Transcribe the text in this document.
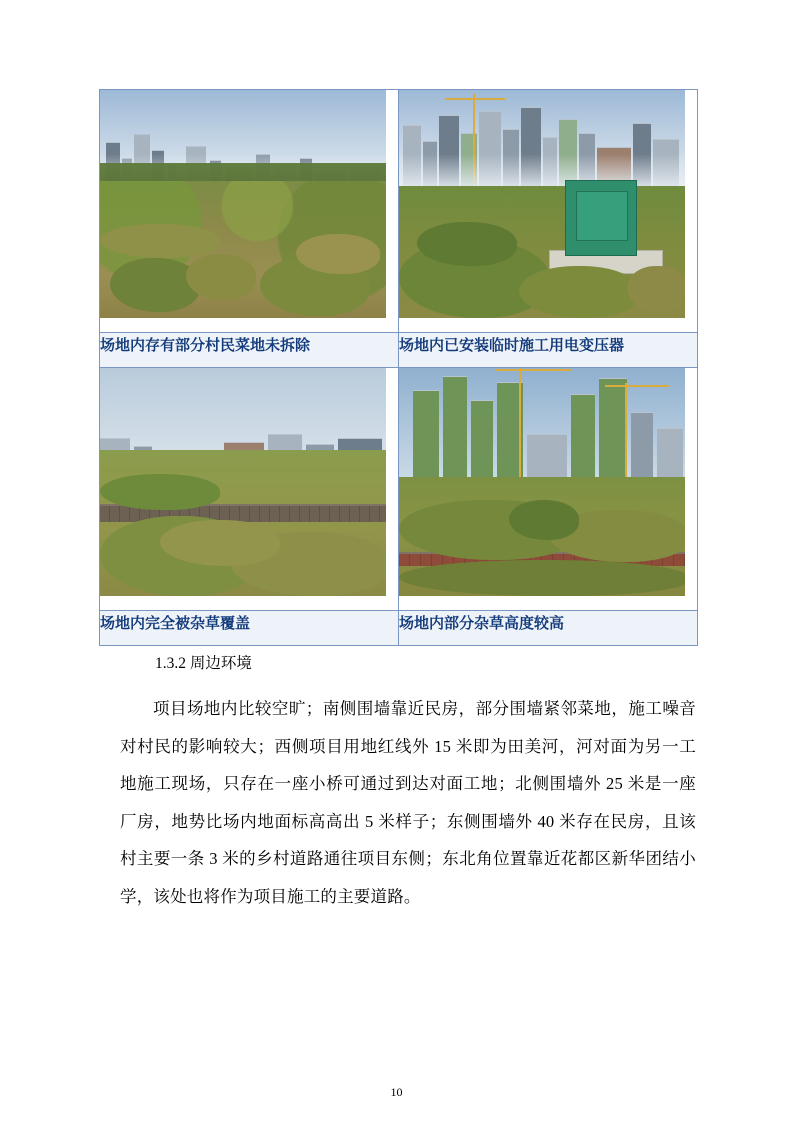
场地内存有部分村民菜地未拆除	场地内已安装临时施工用电变压器

场地内完全被杂草覆盖	场地内部分杂草高度较高
1.3.2 周边环境
项目场地内比较空旷；南侧围墙靠近民房，部分围墙紧邻菜地，施工噪音对村民的影响较大；西侧项目用地红线外 15 米即为田美河，河对面为另一工地施工现场，只存在一座小桥可通过到达对面工地；北侧围墙外 25 米是一座厂房，地势比场内地面标高高出 5 米样子；东侧围墙外 40 米存在民房，且该村主要一条 3 米的乡村道路通往项目东侧；东北角位置靠近花都区新华团结小学，该处也将作为项目施工的主要道路。
10
